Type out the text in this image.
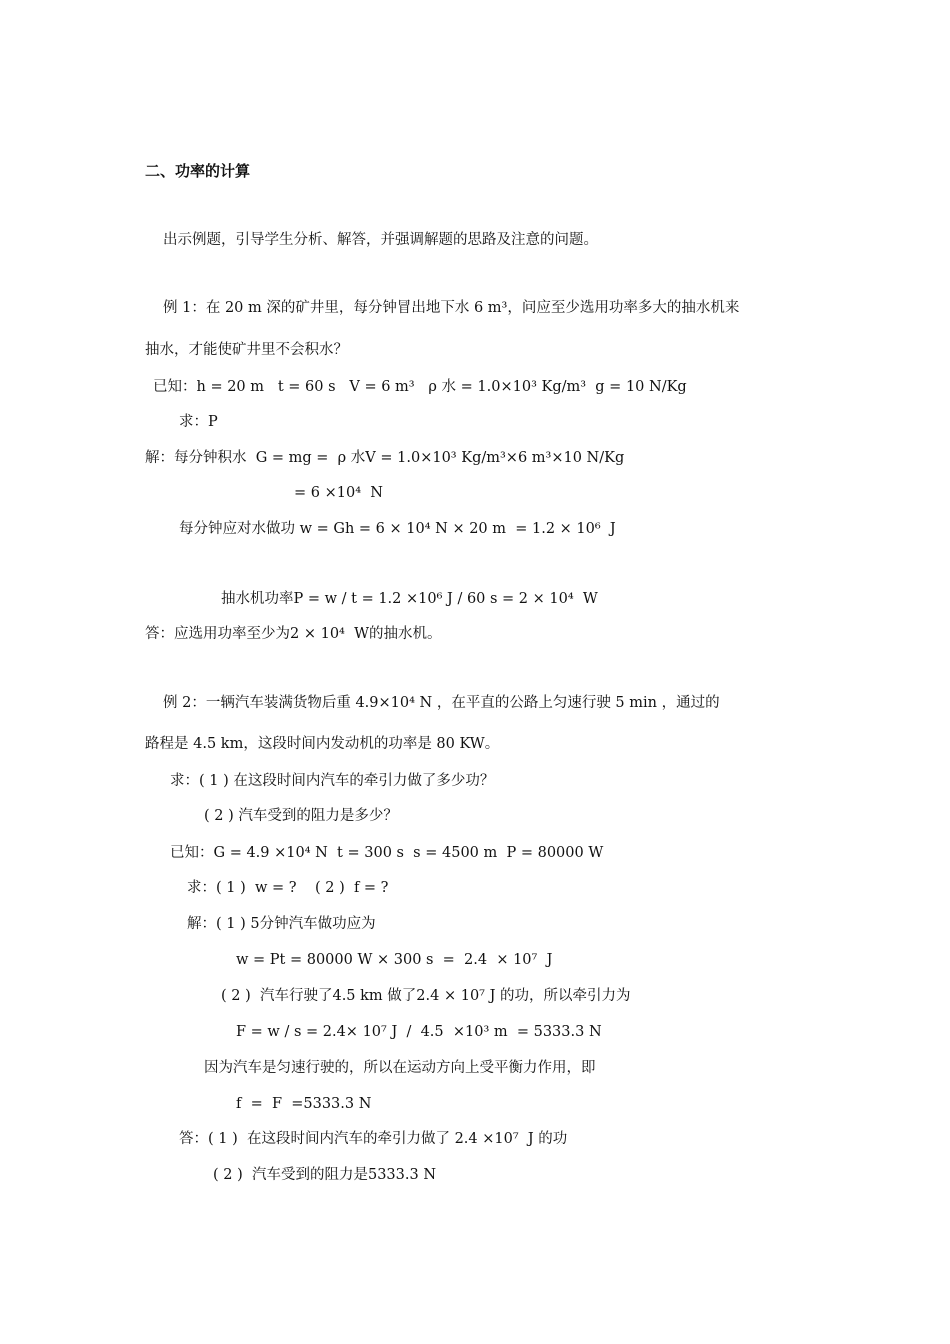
二、功率的计算
出示例题，引导学生分析、解答，并强调解题的思路及注意的问题。
例 1：在 20 m 深的矿井里，每分钟冒出地下水 6 m³，问应至少选用功率多大的抽水机来
抽水，才能使矿井里不会积水？
已知：h = 20 m   t = 60 s   V = 6 m³   ρ 水 = 1.0×10³ Kg/m³  g = 10 N/Kg
求：P
解：每分钟积水  G = mg =  ρ 水V = 1.0×10³ Kg/m³×6 m³×10 N/Kg
= 6 ×10⁴  N
每分钟应对水做功 w = Gh = 6 × 10⁴ N × 20 m  = 1.2 × 10⁶  J
抽水机功率P = w / t = 1.2 ×10⁶ J / 60 s = 2 × 10⁴  W
答：应选用功率至少为2 × 10⁴  W的抽水机。
例 2：一辆汽车装满货物后重 4.9×10⁴ N ，在平直的公路上匀速行驶 5 min ，通过的
路程是 4.5 km，这段时间内发动机的功率是 80 KW。
求：( 1 ) 在这段时间内汽车的牵引力做了多少功？
( 2 ) 汽车受到的阻力是多少？
已知：G = 4.9 ×10⁴ N  t = 300 s  s = 4500 m  P = 80000 W
求：( 1 )  w = ?    ( 2 )  f = ?
解：( 1 ) 5分钟汽车做功应为
w = Pt = 80000 W × 300 s  =  2.4  × 10⁷  J
( 2 )  汽车行驶了4.5 km 做了2.4 × 10⁷ J 的功，所以牵引力为
F = w / s = 2.4× 10⁷ J  /  4.5  ×10³ m  = 5333.3 N
因为汽车是匀速行驶的，所以在运动方向上受平衡力作用，即
f  =  F  =5333.3 N
答：( 1 )  在这段时间内汽车的牵引力做了 2.4 ×10⁷  J 的功
( 2 )  汽车受到的阻力是5333.3 N
